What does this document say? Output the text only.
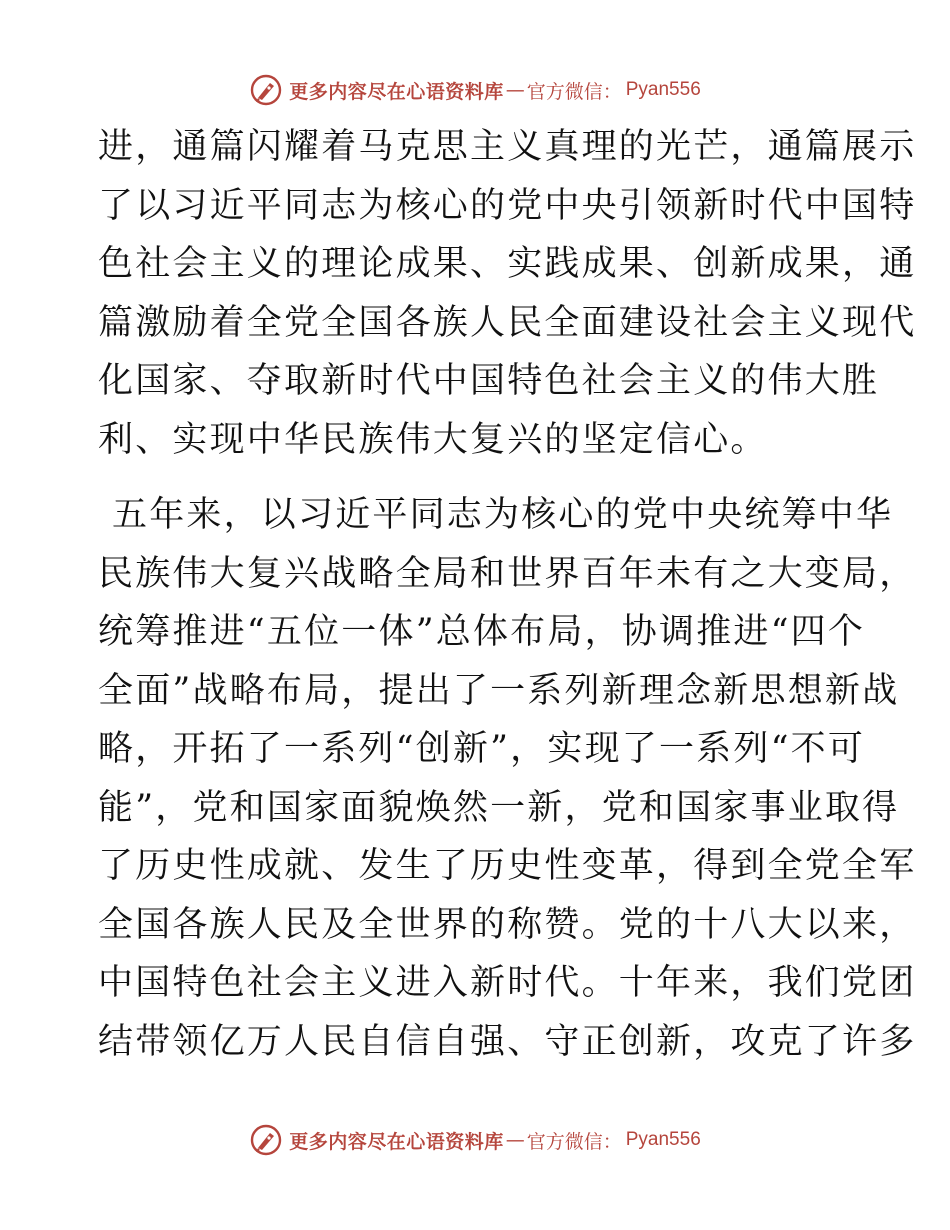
更多内容尽在心语资料库 — 官方微信： Pyan556
进，通篇闪耀着马克思主义真理的光芒，通篇展示
了以习近平同志为核心的党中央引领新时代中国特
色社会主义的理论成果、实践成果、创新成果，通
篇激励着全党全国各族人民全面建设社会主义现代
化国家、夺取新时代中国特色社会主义的伟大胜
利、实现中华民族伟大复兴的坚定信心。
五年来，以习近平同志为核心的党中央统筹中华
民族伟大复兴战略全局和世界百年未有之大变局，
统筹推进“五位一体”总体布局，协调推进“四个
全面”战略布局，提出了一系列新理念新思想新战
略，开拓了一系列“创新”，实现了一系列“不可
能”，党和国家面貌焕然一新，党和国家事业取得
了历史性成就、发生了历史性变革，得到全党全军
全国各族人民及全世界的称赞。党的十八大以来，
中国特色社会主义进入新时代。十年来，我们党团
结带领亿万人民自信自强、守正创新，攻克了许多
更多内容尽在心语资料库 — 官方微信： Pyan556
